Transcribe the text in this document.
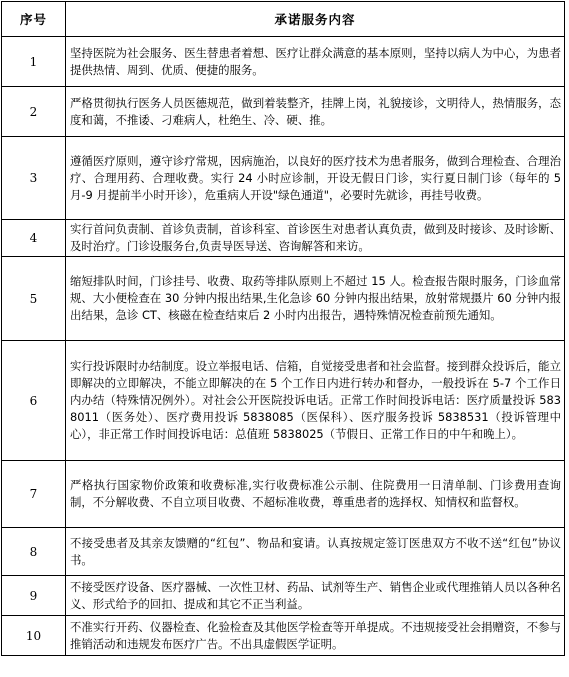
序号	承诺服务内容
1	坚持医院为社会服务、医生替患者着想、医疗让群众满意的基本原则，坚持以病人为中心，为患者提供热情、周到、优质、便捷的服务。
2	严格贯彻执行医务人员医德规范，做到着装整齐，挂牌上岗，礼貌接诊，文明待人，热情服务，态度和蔼，不推诿、刁难病人，杜绝生、冷、硬、推。
3	遵循医疗原则，遵守诊疗常规，因病施治，以良好的医疗技术为患者服务，做到合理检查、合理治疗、合理用药、合理收费。实行 24 小时应诊制，开设无假日门诊，实行夏日制门诊（每年的 5 月-9 月提前半小时开诊），危重病人开设"绿色通道"，必要时先就诊，再挂号收费。
4	实行首问负责制、首诊负责制，首诊科室、首诊医生对患者认真负责，做到及时接诊、及时诊断、及时治疗。门诊设服务台,负责导医导送、咨询解答和来访。
5	缩短排队时间，门诊挂号、收费、取药等排队原则上不超过 15 人。检查报告限时服务，门诊血常规、大小便检查在 30 分钟内报出结果,生化急诊 60 分钟内报出结果，放射常规摄片 60 分钟内报出结果，急诊 CT、核磁在检查结束后 2 小时内出报告，遇特殊情况检查前预先通知。
6	实行投诉限时办结制度。设立举报电话、信箱，自觉接受患者和社会监督。接到群众投诉后，能立即解决的立即解决，不能立即解决的在 5 个工作日内进行转办和督办，一般投诉在 5-7 个工作日内办结（特殊情况例外）。对社会公开医院投诉电话。正常工作时间投诉电话：医疗质量投诉 5838011（医务处）、医疗费用投诉 5838085（医保科）、医疗服务投诉 5838531（投诉管理中心），非正常工作时间投诉电话：总值班 5838025（节假日、正常工作日的中午和晚上）。
7	严格执行国家物价政策和收费标准,实行收费标准公示制、住院费用一日清单制、门诊费用查询制，不分解收费、不自立项目收费、不超标准收费，尊重患者的选择权、知情权和监督权。
8	不接受患者及其亲友馈赠的“红包”、物品和宴请。认真按规定签订医患双方不收不送“红包”协议书。
9	不接受医疗设备、医疗器械、一次性卫材、药品、试剂等生产、销售企业或代理推销人员以各种名义、形式给予的回扣、提成和其它不正当利益。
10	不准实行开药、仪器检查、化验检查及其他医学检查等开单提成。不违规接受社会捐赠资，不参与推销活动和违规发布医疗广告。不出具虚假医学证明。
